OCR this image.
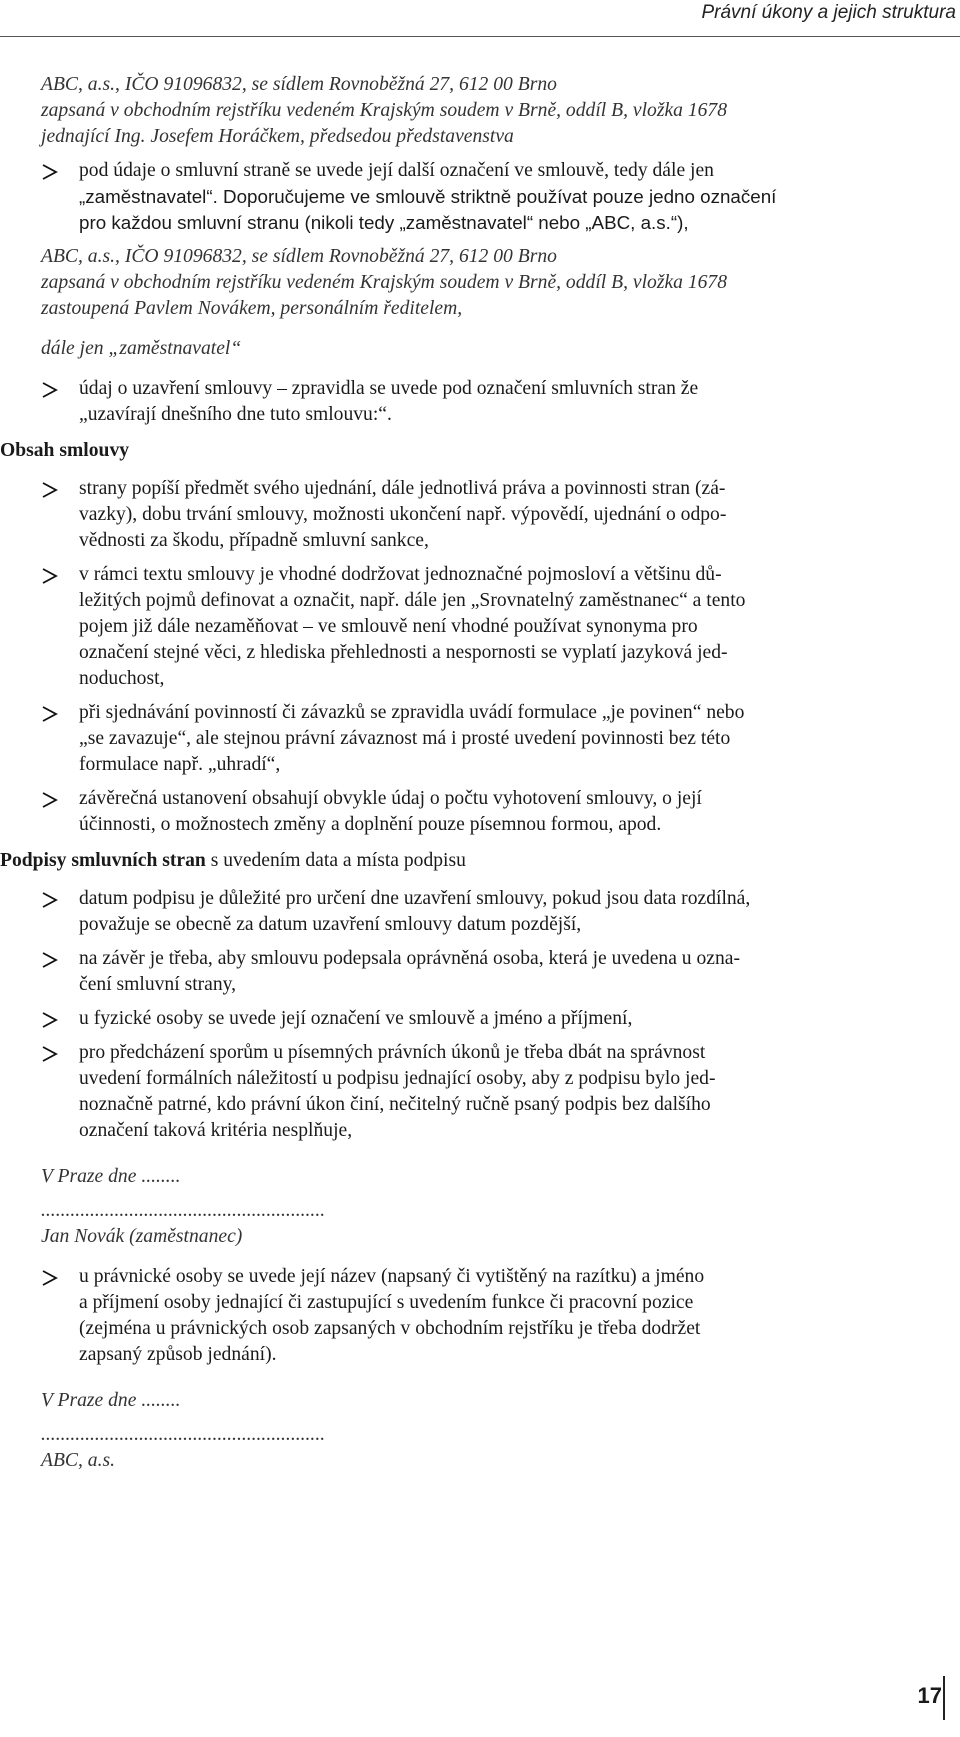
Právní úkony a jejich struktura
ABC, a.s., IČO 91096832, se sídlem Rovnoběžná 27, 612 00 Brno
zapsaná v obchodním rejstříku vedeném Krajským soudem v Brně, oddíl B, vložka 1678
jednající Ing. Josefem Horáčkem, předsedou představenstva
pod údaje o smluvní straně se uvede její další označení ve smlouvě, tedy dále jen
„zaměstnavatel“. Doporučujeme ve smlouvě striktně používat pouze jedno označení
pro každou smluvní stranu (nikoli tedy „zaměstnavatel“ nebo „ABC, a.s.“),
ABC, a.s., IČO 91096832, se sídlem Rovnoběžná 27, 612 00 Brno
zapsaná v obchodním rejstříku vedeném Krajským soudem v Brně, oddíl B, vložka 1678
zastoupená Pavlem Novákem, personálním ředitelem,
dále jen „zaměstnavatel“
údaj o uzavření smlouvy – zpravidla se uvede pod označení smluvních stran že
„uzavírají dnešního dne tuto smlouvu:“.
Obsah smlouvy
strany popíší předmět svého ujednání, dále jednotlivá práva a povinnosti stran (zá-
vazky), dobu trvání smlouvy, možnosti ukončení např. výpovědí, ujednání o odpo-
vědnosti za škodu, případně smluvní sankce,
v rámci textu smlouvy je vhodné dodržovat jednoznačné pojmosloví a většinu dů-
ležitých pojmů definovat a označit, např. dále jen „Srovnatelný zaměstnanec“ a tento
pojem již dále nezaměňovat – ve smlouvě není vhodné používat synonyma pro
označení stejné věci, z hlediska přehlednosti a nespornosti se vyplatí jazyková jed-
noduchost,
při sjednávání povinností či závazků se zpravidla uvádí formulace „je povinen“ nebo
„se zavazuje“, ale stejnou právní závaznost má i prosté uvedení povinnosti bez této
formulace např. „uhradí“,
závěrečná ustanovení obsahují obvykle údaj o počtu vyhotovení smlouvy, o její
účinnosti, o možnostech změny a doplnění pouze písemnou formou, apod.
Podpisy smluvních stran s uvedením data a místa podpisu
datum podpisu je důležité pro určení dne uzavření smlouvy, pokud jsou data rozdílná,
považuje se obecně za datum uzavření smlouvy datum pozdější,
na závěr je třeba, aby smlouvu podepsala oprávněná osoba, která je uvedena u ozna-
čení smluvní strany,
u fyzické osoby se uvede její označení ve smlouvě a jméno a příjmení,
pro předcházení sporům u písemných právních úkonů je třeba dbát na správnost
uvedení formálních náležitostí u podpisu jednající osoby, aby z podpisu bylo jed-
noznačně patrné, kdo právní úkon činí, nečitelný ručně psaný podpis bez dalšího
označení taková kritéria nesplňuje,
V Praze dne ........
..........................................................
Jan Novák (zaměstnanec)
u právnické osoby se uvede její název (napsaný či vytištěný na razítku) a jméno
a příjmení osoby jednající či zastupující s uvedením funkce či pracovní pozice
(zejména u právnických osob zapsaných v obchodním rejstříku je třeba dodržet
zapsaný způsob jednání).
V Praze dne ........
..........................................................
ABC, a.s.
17
